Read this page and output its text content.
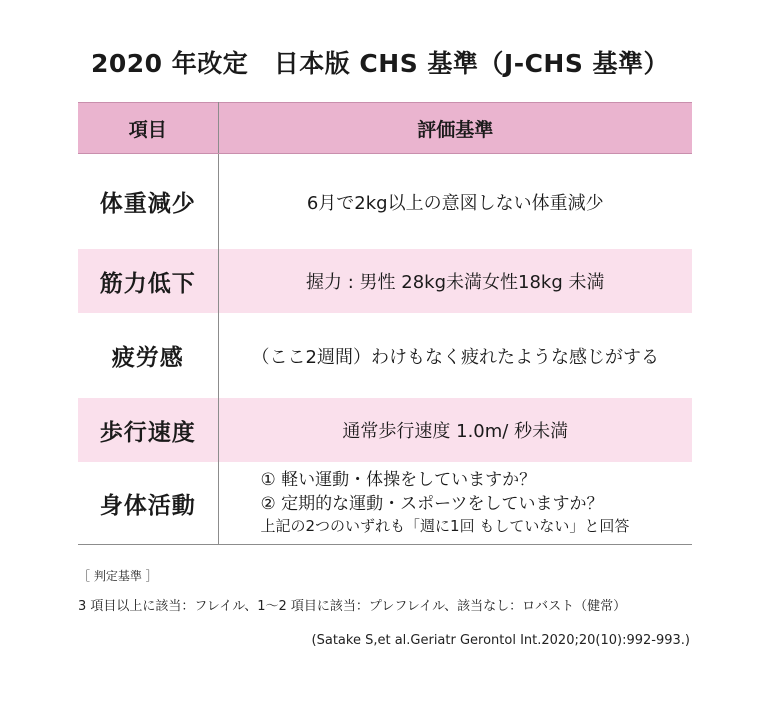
2020 年改定　日本版 CHS 基準（J-CHS 基準）
項目	評価基準
体重減少	6月で2kg以上の意図しない体重減少
筋力低下	握力 : 男性 28kg未満女性18kg 未満
疲労感	（ここ2週間）わけもなく疲れたような感じがする
歩行速度	通常歩行速度 1.0m/ 秒未満
身体活動	① 軽い運動・体操をしていますか？
② 定期的な運動・スポーツをしていますか？
上記の2つのいずれも「週に1回 もしていない」と回答
［ 判定基準 ］
3 項目以上に該当：フレイル、1〜2 項目に該当：プレフレイル、該当なし：ロバスト（健常）
(Satake S,et al.Geriatr Gerontol Int.2020;20(10):992-993.)
